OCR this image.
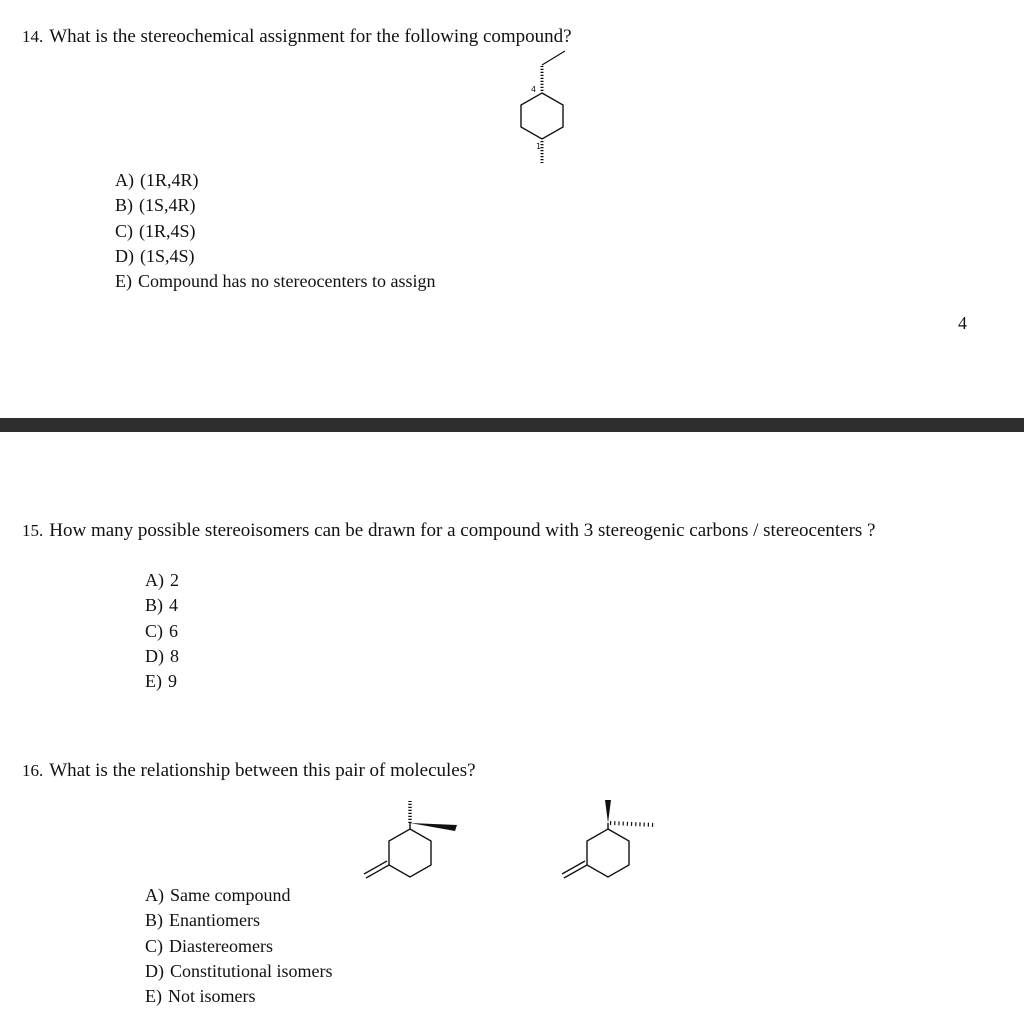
14. What is the stereochemical assignment for the following compound?
4
1
A) (1R,4R)
B) (1S,4R)
C) (1R,4S)
D) (1S,4S)
E) Compound has no stereocenters to assign
4
15. How many possible stereoisomers can be drawn for a compound with 3 stereogenic carbons / stereocenters ?
A) 2
B) 4
C) 6
D) 8
E) 9
16. What is the relationship between this pair of molecules?
A) Same compound
B) Enantiomers
C) Diastereomers
D) Constitutional isomers
E) Not isomers
